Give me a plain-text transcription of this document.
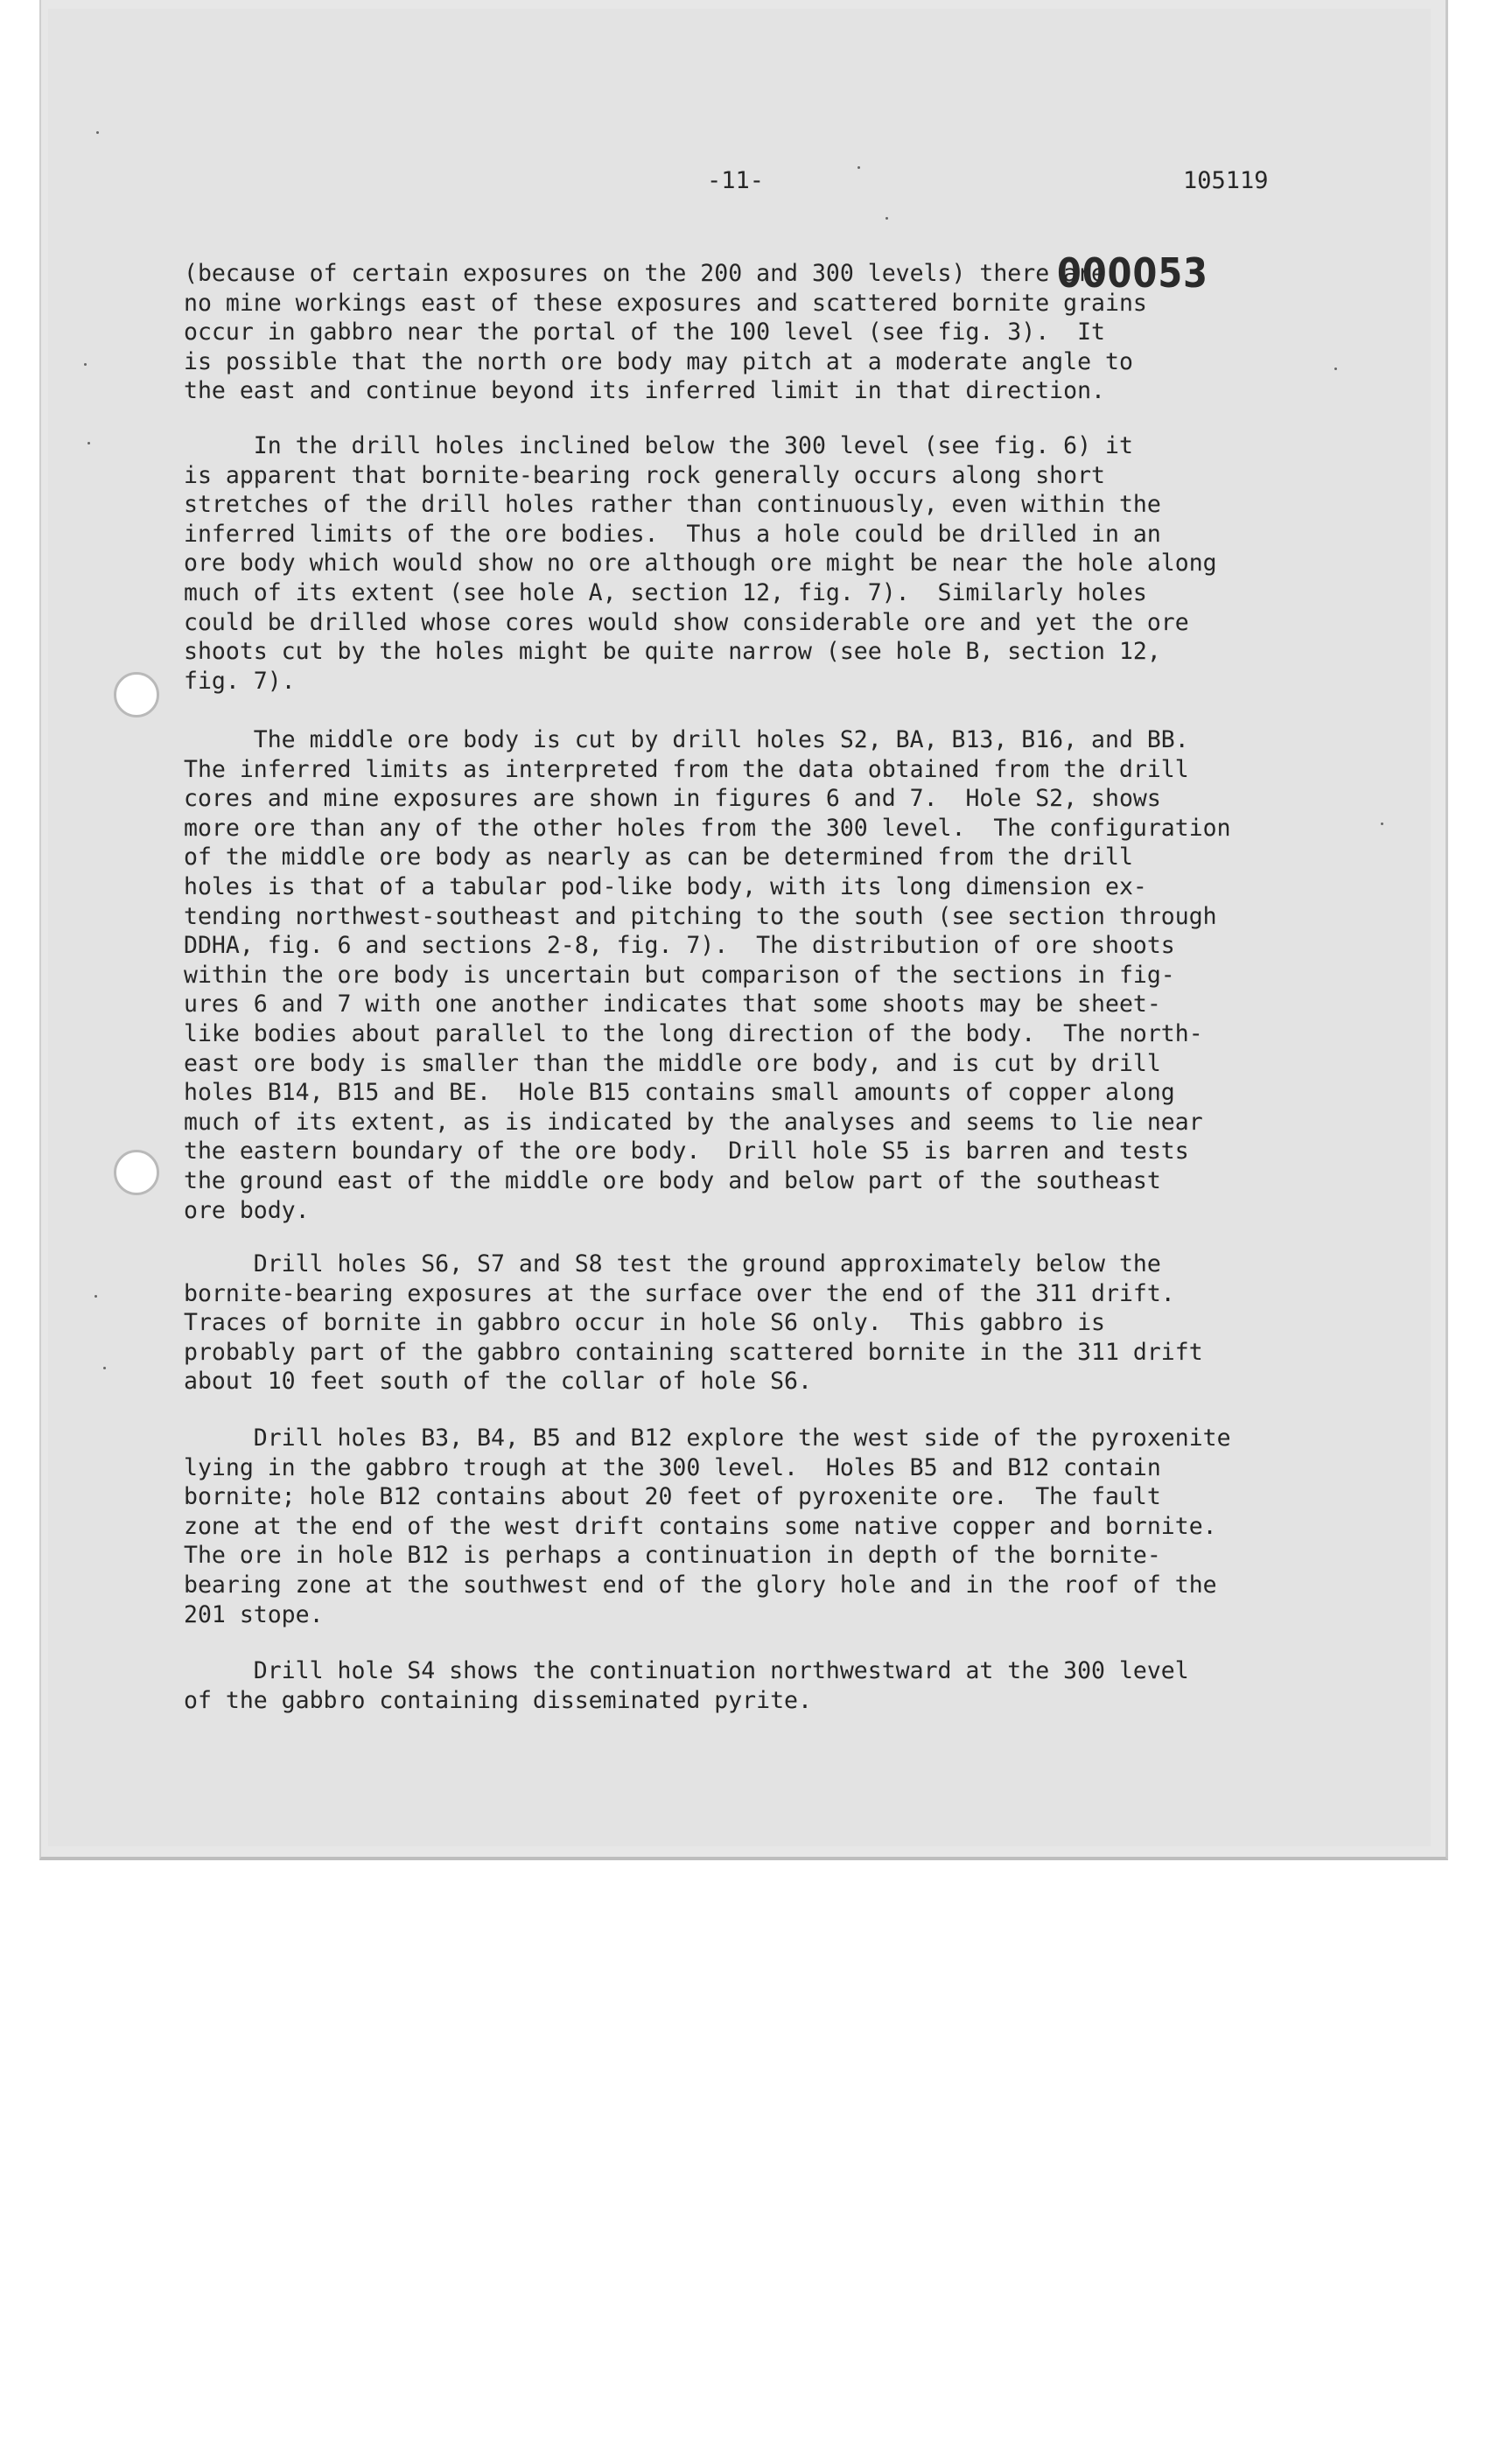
-11-	105119
000053
(because of certain exposures on the 200 and 300 levels) there are
no mine workings east of these exposures and scattered bornite grains
occur in gabbro near the portal of the 100 level (see fig. 3).  It
is possible that the north ore body may pitch at a moderate angle to
the east and continue beyond its inferred limit in that direction.
In the drill holes inclined below the 300 level (see fig. 6) it
is apparent that bornite-bearing rock generally occurs along short
stretches of the drill holes rather than continuously, even within the
inferred limits of the ore bodies.  Thus a hole could be drilled in an
ore body which would show no ore although ore might be near the hole along
much of its extent (see hole A, section 12, fig. 7).  Similarly holes
could be drilled whose cores would show considerable ore and yet the ore
shoots cut by the holes might be quite narrow (see hole B, section 12,
fig. 7).
The middle ore body is cut by drill holes S2, BA, B13, B16, and BB.
The inferred limits as interpreted from the data obtained from the drill
cores and mine exposures are shown in figures 6 and 7.  Hole S2, shows
more ore than any of the other holes from the 300 level.  The configuration
of the middle ore body as nearly as can be determined from the drill
holes is that of a tabular pod-like body, with its long dimension ex-
tending northwest-southeast and pitching to the south (see section through
DDHA, fig. 6 and sections 2-8, fig. 7).  The distribution of ore shoots
within the ore body is uncertain but comparison of the sections in fig-
ures 6 and 7 with one another indicates that some shoots may be sheet-
like bodies about parallel to the long direction of the body.  The north-
east ore body is smaller than the middle ore body, and is cut by drill
holes B14, B15 and BE.  Hole B15 contains small amounts of copper along
much of its extent, as is indicated by the analyses and seems to lie near
the eastern boundary of the ore body.  Drill hole S5 is barren and tests
the ground east of the middle ore body and below part of the southeast
ore body.
Drill holes S6, S7 and S8 test the ground approximately below the
bornite-bearing exposures at the surface over the end of the 311 drift.
Traces of bornite in gabbro occur in hole S6 only.  This gabbro is
probably part of the gabbro containing scattered bornite in the 311 drift
about 10 feet south of the collar of hole S6.
Drill holes B3, B4, B5 and B12 explore the west side of the pyroxenite
lying in the gabbro trough at the 300 level.  Holes B5 and B12 contain
bornite; hole B12 contains about 20 feet of pyroxenite ore.  The fault
zone at the end of the west drift contains some native copper and bornite.
The ore in hole B12 is perhaps a continuation in depth of the bornite-
bearing zone at the southwest end of the glory hole and in the roof of the
201 stope.
Drill hole S4 shows the continuation northwestward at the 300 level
of the gabbro containing disseminated pyrite.
